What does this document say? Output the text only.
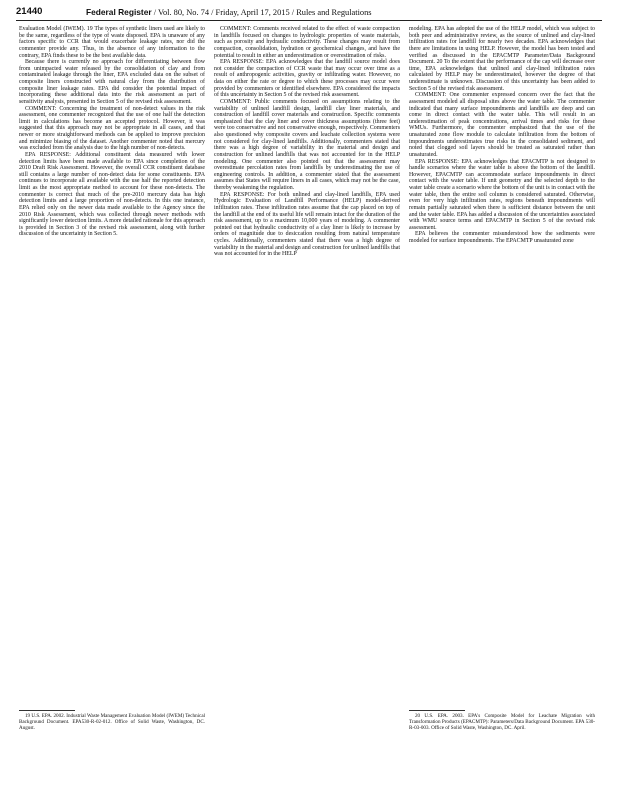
21440	Federal Register / Vol. 80, No. 74 / Friday, April 17, 2015 / Rules and Regulations

Evaluation Model (IWEM). 19 The types of synthetic liners used are likely to be the same, regardless of the type of waste disposed. EPA is unaware of any factors specific to CCR that would exacerbate leakage rates, nor did the commenter provide any. Thus, in the absence of any information to the contrary, EPA finds these to be the best available data.

Because there is currently no approach for differentiating between flow from unimpacted water released by the consolidation of clay and from contaminated leakage through the liner, EPA excluded data on the subset of composite liners constructed with natural clay from the distribution of composite liner leakage rates. EPA did consider the potential impact of incorporating these additional data into the risk assessment as part of sensitivity analysis, presented in Section 5 of the revised risk assessment.

COMMENT: Concerning the treatment of non-detect values in the risk assessment, one commenter recognized that the use of one half the detection limit in calculations has become an accepted protocol. However, it was suggested that this approach may not be appropriate in all cases, and that newer or more straightforward methods can be applied to improve precision and minimize biasing of the dataset. Another commenter noted that mercury was excluded from the analysis due to the high number of non-detects.

EPA RESPONSE: Additional constituent data measured with lower detection limits have been made available to EPA since completion of the 2010 Draft Risk Assessment. However, the overall CCR constituent database still contains a large number of non-detect data for some constituents. EPA continues to incorporate all available with the use half the reported detection limit as the most appropriate method to account for these non-detects. The commenter is correct that much of the pre-2010 mercury data has high detection limits and a large proportion of non-detects. In this one instance, EPA relied only on the newer data made available to the Agency since the 2010 Risk Assessment, which was collected through newer methods with significantly lower detection limits. A more detailed rationale for this approach is provided in Section 3 of the revised risk assessment, along with further discussion of the uncertainty in Section 5.

COMMENT: Comments received related to the effect of waste compaction in landfills focused on changes to hydrologic properties of waste materials, such as porosity and hydraulic conductivity. These changes may result from compaction, consolidation, hydration or geochemical changes, and have the potential to result in either an underestimation or overestimation of risks.

EPA RESPONSE: EPA acknowledges that the landfill source model does not consider the compaction of CCR waste that may occur over time as a result of anthropogenic activities, gravity or infiltrating water. However, no data on either the rate or degree to which these processes may occur were provided by commenters or identified elsewhere. EPA considered the impacts of this uncertainty in Section 5 of the revised risk assessment.

COMMENT: Public comments focused on assumptions relating to the variability of unlined landfill design, landfill clay liner materials, and construction of landfill cover materials and construction. Specific comments emphasized that the clay liner and cover thickness assumptions (three feet) were too conservative and not conservative enough, respectively. Commenters also questioned why composite covers and leachate collection systems were not considered for clay-lined landfills. Additionally, commenters stated that there was a high degree of variability in the material and design and construction for unlined landfills that was not accounted for in the HELP modeling. One commenter also pointed out that the assessment may overestimate percolation rates from landfills by underestimating the use of engineering controls. In addition, a commenter stated that the assessment assumes that States will require liners in all cases, which may not be the case, thereby weakening the regulation.

EPA RESPONSE: For both unlined and clay-lined landfills, EPA used Hydrologic Evaluation of Landfill Performance (HELP) model-derived infiltration rates. These infiltration rates assume that the cap placed on top of the landfill at the end of its useful life will remain intact for the duration of the risk assessment, up to a maximum 10,000 years of modeling. A commenter pointed out that hydraulic conductivity of a clay liner is likely to increase by orders of magnitude due to desiccation resulting from natural temperature cycles. Additionally, commenters stated that there was a high degree of variability in the material and design and construction for unlined landfills that was not accounted for in the HELP

modeling. EPA has adopted the use of the HELP model, which was subject to both peer and administrative review, as the source of unlined and clay-lined infiltration rates for landfill for nearly two decades. EPA acknowledges that there are limitations in using HELP. However, the model has been tested and verified as discussed in the EPACMTP Parameter/Data Background Document. 20 To the extent that the performance of the cap will decrease over time, EPA acknowledges that unlined and clay-lined infiltration rates calculated by HELP may be underestimated, however the degree of that underestimate is unknown. Discussion of this uncertainty has been added to Section 5 of the revised risk assessment.

COMMENT: One commenter expressed concern over the fact that the assessment modeled all disposal sites above the water table. The commenter indicated that many surface impoundments and landfills are deep and can come in direct contact with the water table. This will result in an underestimation of peak concentrations, arrival times and risks for these WMUs. Furthermore, the commenter emphasized that the use of the unsaturated zone flow module to calculate infiltration from the bottom of impoundments underestimates true risks in the consolidated sediment, and noted that clogged soil layers should be treated as saturated rather than unsaturated.

EPA RESPONSE: EPA acknowledges that EPACMTP is not designed to handle scenarios where the water table is above the bottom of the landfill. However, EPACMTP can accommodate surface impoundments in direct contact with the water table. If unit geometry and the selected depth to the water table create a scenario where the bottom of the unit is in contact with the water table, then the entire soil column is considered saturated. Otherwise, even for very high infiltration rates, regions beneath impoundments will remain partially saturated when there is sufficient distance between the unit and the water table. EPA has added a discussion of the uncertainties associated with WMU source terms and EPACMTP in Section 5 of the revised risk assessment.

EPA believes the commenter misunderstood how the sediments were modeled for surface impoundments. The EPACMTP unsaturated zone

19 U.S. EPA. 2002. Industrial Waste Management Evaluation Model (IWEM) Technical Background Document. EPA530-R-02-012. Office of Solid Waste, Washington, DC. August.

20 U.S. EPA. 2003. EPA's Composite Model for Leachate Migration with Transformation Products (EPACMTP): Parameters/Data Background Document. EPA 530-R-03-003. Office of Solid Waste, Washington, DC. April.
